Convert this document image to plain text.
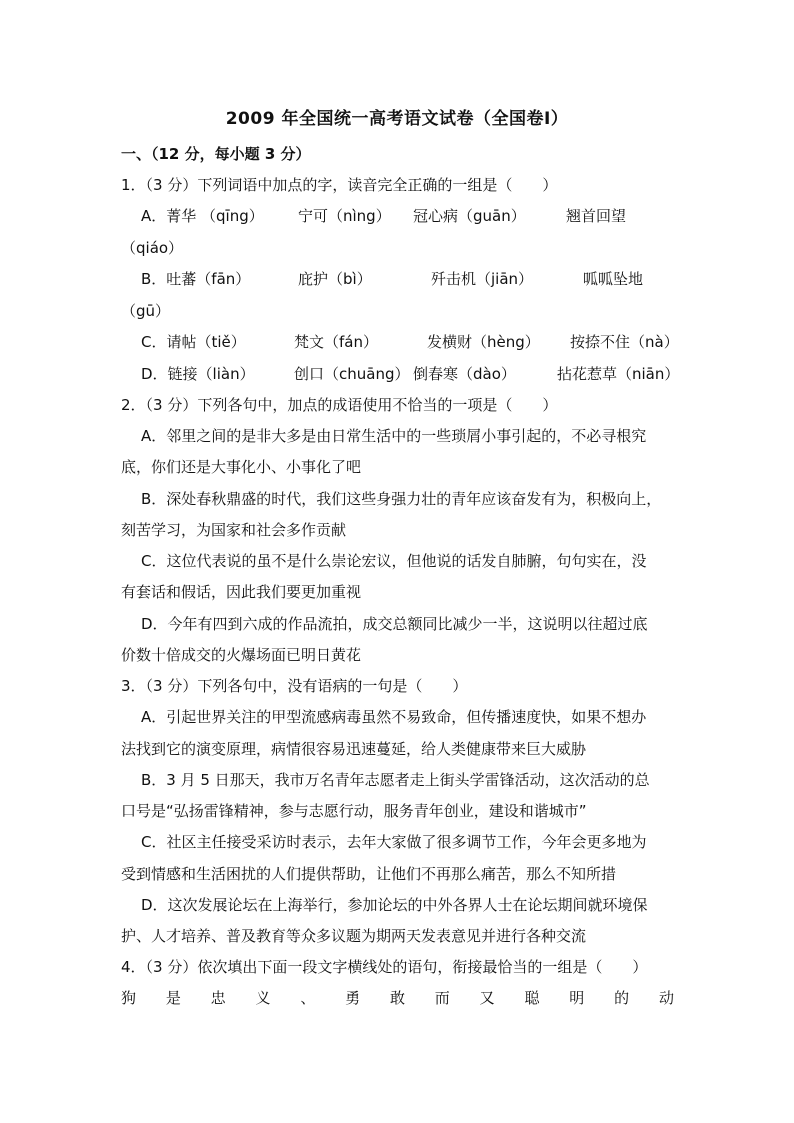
2009 年全国统一高考语文试卷（全国卷Ⅰ）
一、（12 分，每小题 3 分）
1．（3 分）下列词语中加点的字，读音完全正确的一组是（　　）
A．菁华 （qīng） 宁可（nìng） 冠心病（guān）	翘首回望
（qiáo）
B．吐蕃（fān）	庇护（bì）	歼击机（jiān）	呱呱坠地
（gū）
C．请帖（tiě）	梵文（fán）	发横财（hèng） 按捺不住（nà）
D．链接（liàn）	创口（chuāng） 倒春寒（dào）	拈花惹草（niān）
2．（3 分）下列各句中，加点的成语使用不恰当的一项是（　　）
A．邻里之间的是非大多是由日常生活中的一些琐屑小事引起的，不必寻根究
底，你们还是大事化小、小事化了吧
B．深处春秋鼎盛的时代，我们这些身强力壮的青年应该奋发有为，积极向上，
刻苦学习，为国家和社会多作贡献
C．这位代表说的虽不是什么崇论宏议，但他说的话发自肺腑，句句实在，没
有套话和假话，因此我们要更加重视
D．今年有四到六成的作品流拍，成交总额同比减少一半，这说明以往超过底
价数十倍成交的火爆场面已明日黄花
3．（3 分）下列各句中，没有语病的一句是（　　）
A．引起世界关注的甲型流感病毒虽然不易致命，但传播速度快，如果不想办
法找到它的演变原理，病情很容易迅速蔓延，给人类健康带来巨大威胁
B．3 月 5 日那天，我市万名青年志愿者走上街头学雷锋活动，这次活动的总
口号是“弘扬雷锋精神，参与志愿行动，服务青年创业，建设和谐城市”
C．社区主任接受采访时表示，去年大家做了很多调节工作，今年会更多地为
受到情感和生活困扰的人们提供帮助，让他们不再那么痛苦，那么不知所措
D．这次发展论坛在上海举行，参加论坛的中外各界人士在论坛期间就环境保
护、人才培养、普及教育等众多议题为期两天发表意见并进行各种交流
4．（3 分）依次填出下面一段文字横线处的语句，衔接最恰当的一组是（　　）
狗 是 忠 义 、 勇 敢 而 又 聪 明 的 动
